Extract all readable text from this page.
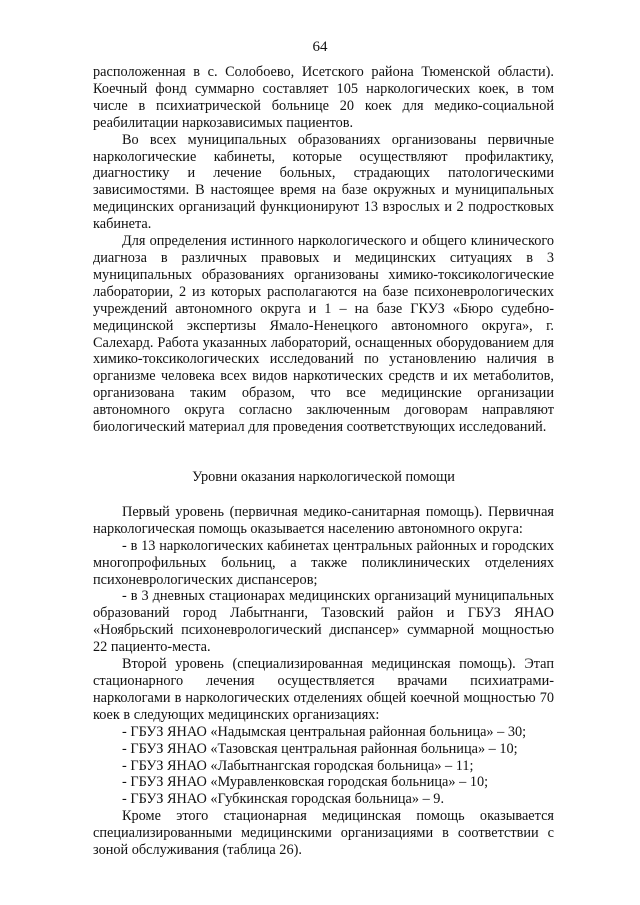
64

расположенная в с. Солобоево, Исетского района Тюменской области). Коечный фонд суммарно составляет 105 наркологических коек, в том числе в психиатрической больнице 20 коек для медико-социальной реабилитации наркозависимых пациентов.

Во всех муниципальных образованиях организованы первичные наркологические кабинеты, которые осуществляют профилактику, диагностику и лечение больных, страдающих патологическими зависимостями. В настоящее время на базе окружных и муниципальных медицинских организаций функционируют 13 взрослых и 2 подростковых кабинета.

Для определения истинного наркологического и общего клинического диагноза в различных правовых и медицинских ситуациях в 3 муниципальных образованиях организованы химико-токсикологические лаборатории, 2 из которых располагаются на базе психоневрологических учреждений автономного округа и 1 – на базе ГКУЗ «Бюро судебно-медицинской экспертизы Ямало-Ненецкого автономного округа», г. Салехард. Работа указанных лабораторий, оснащенных оборудованием для химико-токсикологических исследований по установлению наличия в организме человека всех видов наркотических средств и их метаболитов, организована таким образом, что все медицинские организации автономного округа согласно заключенным договорам направляют биологический материал для проведения соответствующих исследований.

Уровни оказания наркологической помощи

Первый уровень (первичная медико-санитарная помощь). Первичная наркологическая помощь оказывается населению автономного округа:

- в 13 наркологических кабинетах центральных районных и городских многопрофильных больниц, а также поликлинических отделениях психоневрологических диспансеров;

- в 3 дневных стационарах медицинских организаций муниципальных образований город Лабытнанги, Тазовский район и ГБУЗ ЯНАО «Ноябрьский психоневрологический диспансер» суммарной мощностью 22 пациенто-места.

Второй уровень (специализированная медицинская помощь). Этап стационарного лечения осуществляется врачами психиатрами-наркологами в наркологических отделениях общей коечной мощностью 70 коек в следующих медицинских организациях:

- ГБУЗ ЯНАО «Надымская центральная районная больница» – 30;

- ГБУЗ ЯНАО «Тазовская центральная районная больница» – 10;

- ГБУЗ ЯНАО «Лабытнангская городская больница» – 11;

- ГБУЗ ЯНАО «Муравленковская городская больница» – 10;

- ГБУЗ ЯНАО «Губкинская городская больница» – 9.

Кроме этого стационарная медицинская помощь оказывается специализированными медицинскими организациями в соответствии с зоной обслуживания (таблица 26).
